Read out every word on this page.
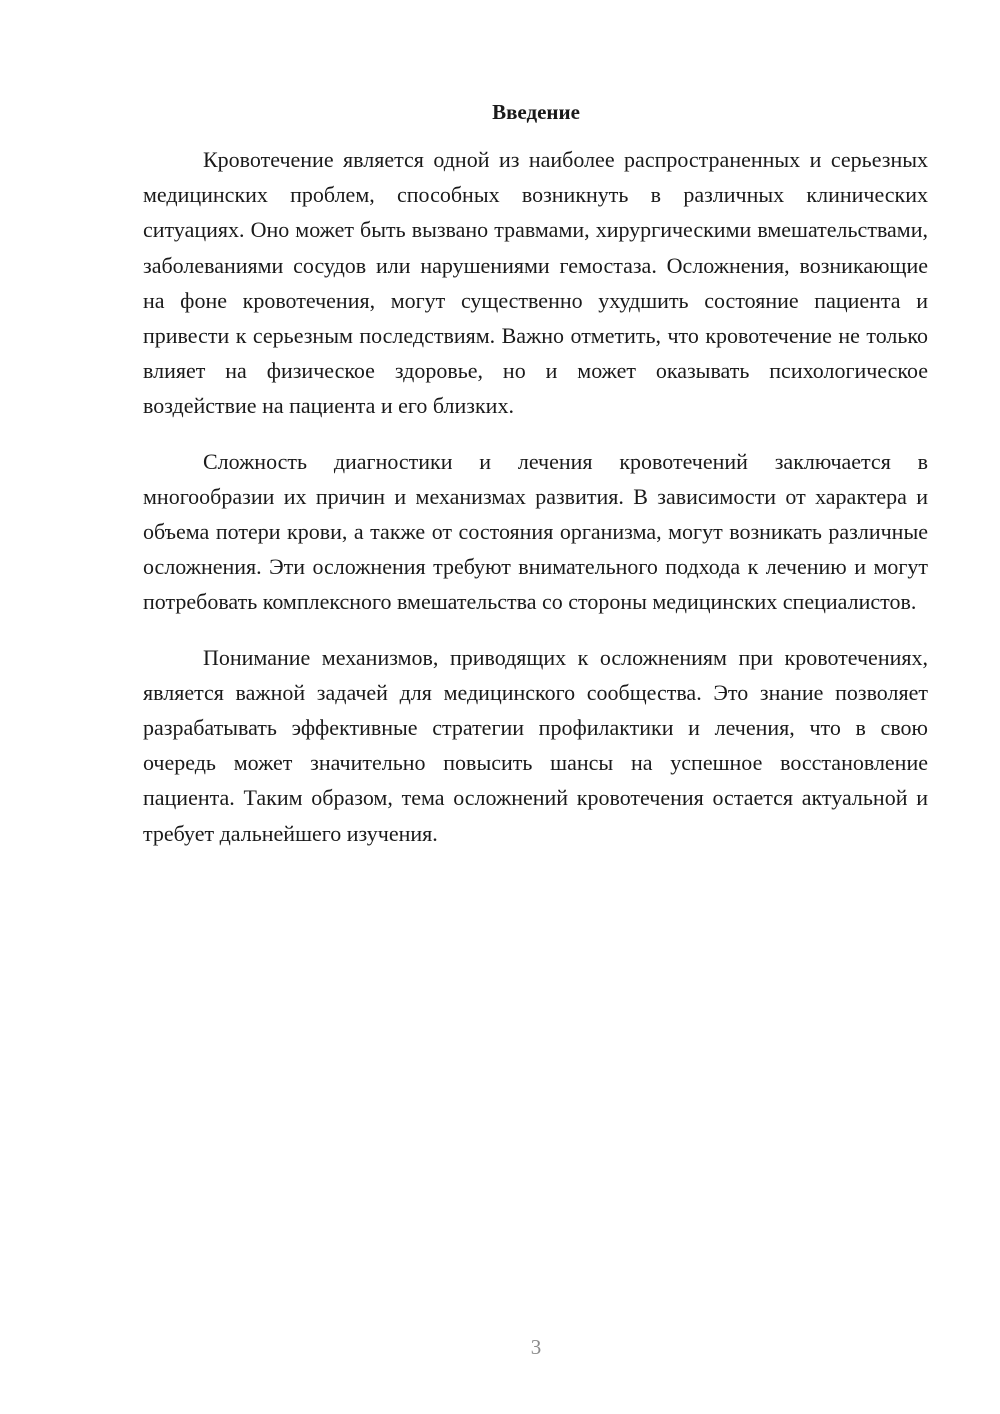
Введение

Кровотечение является одной из наиболее распространенных и серьезных медицинских проблем, способных возникнуть в различных клинических ситуациях. Оно может быть вызвано травмами, хирургическими вмешательствами, заболеваниями сосудов или нарушениями гемостаза. Осложнения, возникающие на фоне кровотечения, могут существенно ухудшить состояние пациента и привести к серьезным последствиям. Важно отметить, что кровотечение не только влияет на физическое здоровье, но и может оказывать психологическое воздействие на пациента и его близких.

Сложность диагностики и лечения кровотечений заключается в многообразии их причин и механизмах развития. В зависимости от характера и объема потери крови, а также от состояния организма, могут возникать различные осложнения. Эти осложнения требуют внимательного подхода к лечению и могут потребовать комплексного вмешательства со стороны медицинских специалистов.

Понимание механизмов, приводящих к осложнениям при кровотечениях, является важной задачей для медицинского сообщества. Это знание позволяет разрабатывать эффективные стратегии профилактики и лечения, что в свою очередь может значительно повысить шансы на успешное восстановление пациента. Таким образом, тема осложнений кровотечения остается актуальной и требует дальнейшего изучения.

3
